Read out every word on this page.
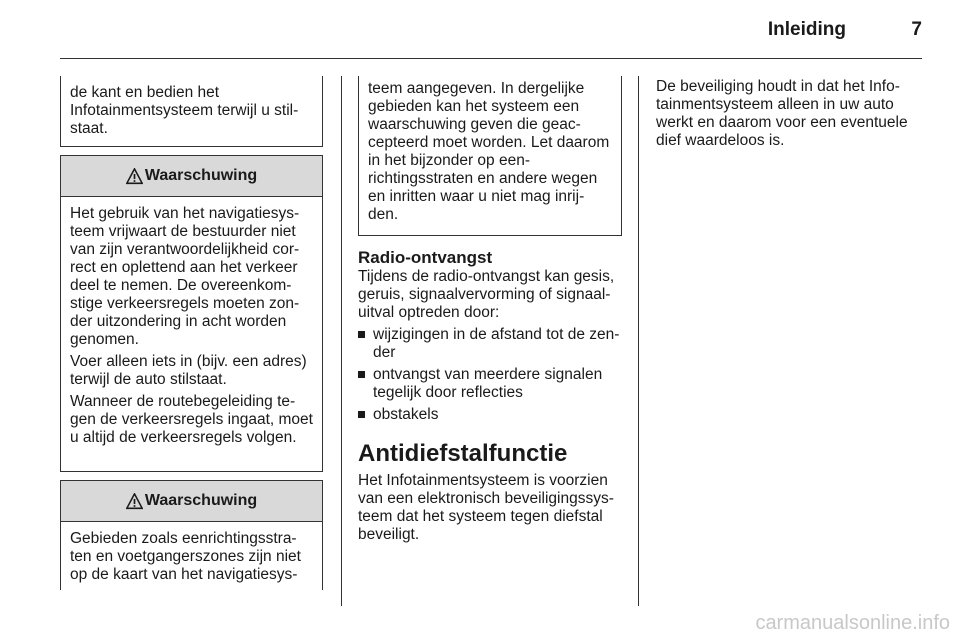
Inleiding	7

de kant en bedien het Infotainmentsysteem terwijl u stil-staat.

Waarschuwing

Het gebruik van het navigatiesys-teem vrijwaart de bestuurder niet van zijn verantwoordelijkheid cor-rect en oplettend aan het verkeer deel te nemen. De overeenkom-stige verkeersregels moeten zon-der uitzondering in acht worden genomen.

Voer alleen iets in (bijv. een adres) terwijl de auto stilstaat.

Wanneer de routebegeleiding te-gen de verkeersregels ingaat, moet u altijd de verkeersregels volgen.

Waarschuwing

Gebieden zoals eenrichtingsstra-ten en voetgangerszones zijn niet op de kaart van het navigatiesys-

teem aangegeven. In dergelijke gebieden kan het systeem een waarschuwing geven die geac-cepteerd moet worden. Let daarom in het bijzonder op een-richtingsstraten en andere wegen en inritten waar u niet mag inrij-den.

Radio-ontvangst

Tijdens de radio-ontvangst kan gesis, geruis, signaalvervorming of signaal-uitval optreden door:

wijzigingen in de afstand tot de zen-der
ontvangst van meerdere signalen tegelijk door reflecties
obstakels

Antidiefstalfunctie

Het Infotainmentsysteem is voorzien van een elektronisch beveiligingssys-teem dat het systeem tegen diefstal beveiligt.

De beveiliging houdt in dat het Info-tainmentsysteem alleen in uw auto werkt en daarom voor een eventuele dief waardeloos is.

carmanualsonline.info
